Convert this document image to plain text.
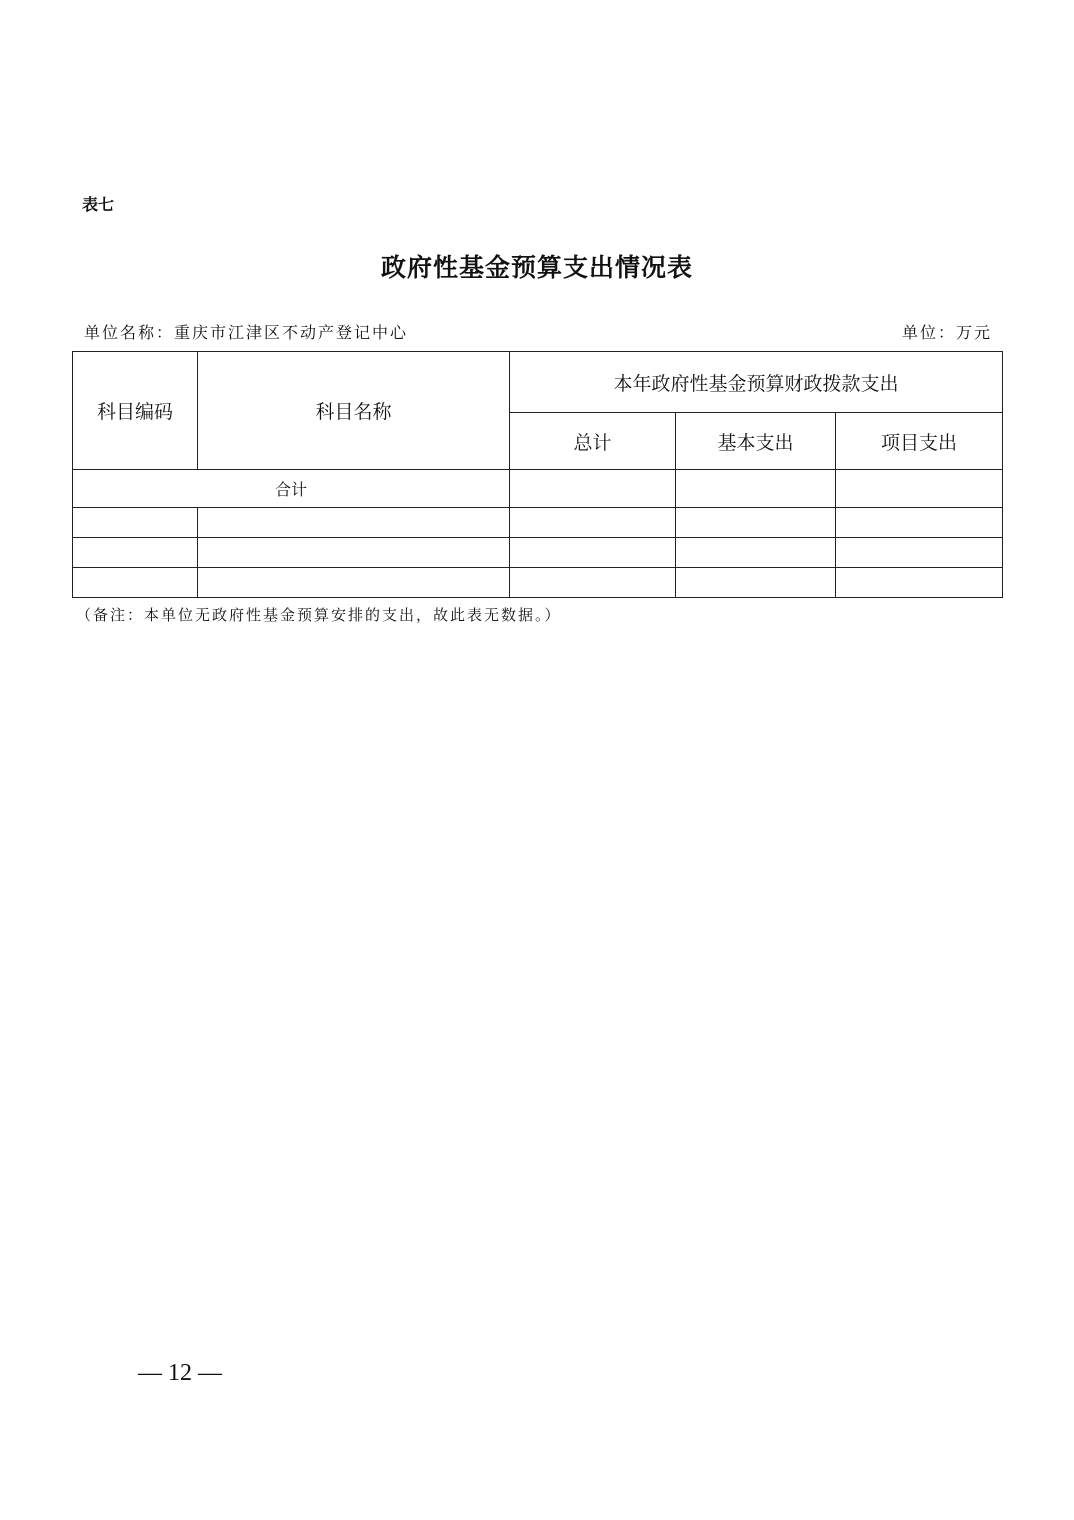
表七
政府性基金预算支出情况表
单位名称：重庆市江津区不动产登记中心	单位：万元
科目编码	科目名称	本年政府性基金预算财政拨款支出		
		总计	基本支出	项目支出
合计				

（备注：本单位无政府性基金预算安排的支出，故此表无数据。）
— 12 —
